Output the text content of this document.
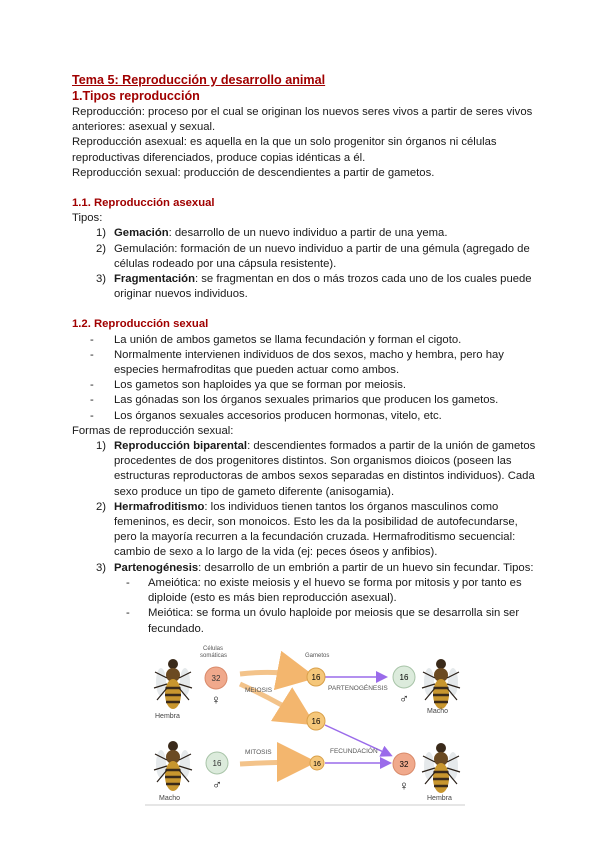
Tema 5: Reproducción y desarrollo animal
1.Tipos reproducción
Reproducción: proceso por el cual se originan los nuevos seres vivos a partir de seres vivos
anteriores: asexual y sexual.
Reproducción asexual: es aquella en la que un solo progenitor sin órganos ni células
reproductivas diferenciados, produce copias idénticas a él.
Reproducción sexual: producción de descendientes a partir de gametos.
1.1. Reproducción asexual
Tipos:
1) Gemación: desarrollo de un nuevo individuo a partir de una yema.
2) Gemulación: formación de un nuevo individuo a partir de una gémula (agregado de
células rodeado por una cápsula resistente).
3) Fragmentación: se fragmentan en dos o más trozos cada uno de los cuales puede
originar nuevos individuos.
1.2. Reproducción sexual
-	La unión de ambos gametos se llama fecundación y forman el cigoto.
-	Normalmente intervienen individuos de dos sexos, macho y hembra, pero hay
especies hermafroditas que pueden actuar como ambos.
-	Los gametos son haploides ya que se forman por meiosis.
-	Las gónadas son los órganos sexuales primarios que producen los gametos.
-	Los órganos sexuales accesorios producen hormonas, vitelo, etc.
Formas de reproducción sexual:
1) Reproducción biparental: descendientes formados a partir de la unión de gametos
procedentes de dos progenitores distintos. Son organismos dioicos (poseen las
estructuras reproductoras de ambos sexos separadas en distintos individuos). Cada
sexo produce un tipo de gameto diferente (anisogamia).
2) Hermafroditismo: los individuos tienen tantos los órganos masculinos como
femeninos, es decir, son monoicos. Esto les da la posibilidad de autofecundarse,
pero la mayoría recurren a la fecundación cruzada. Hermafroditismo secuencial:
cambio de sexo a lo largo de la vida (ej: peces óseos y anfibios).
3) Partenogénesis: desarrollo de un embrión a partir de un huevo sin fecundar. Tipos:
-	Ameiótica: no existe meiosis y el huevo se forma por mitosis y por tanto es
diploide (esto es más bien reproducción asexual).
-	Meiótica: se forma un óvulo haploide por meiosis que se desarrolla sin ser
fecundado.
Hembra
Macho
Macho
Hembra
Células
somáticas	Gametos
MEIOSIS
MITOSIS
PARTENOGÉNESIS
FECUNDACIÓN
32
♀
16
♂
16
16
16
16
♂
32
♀
